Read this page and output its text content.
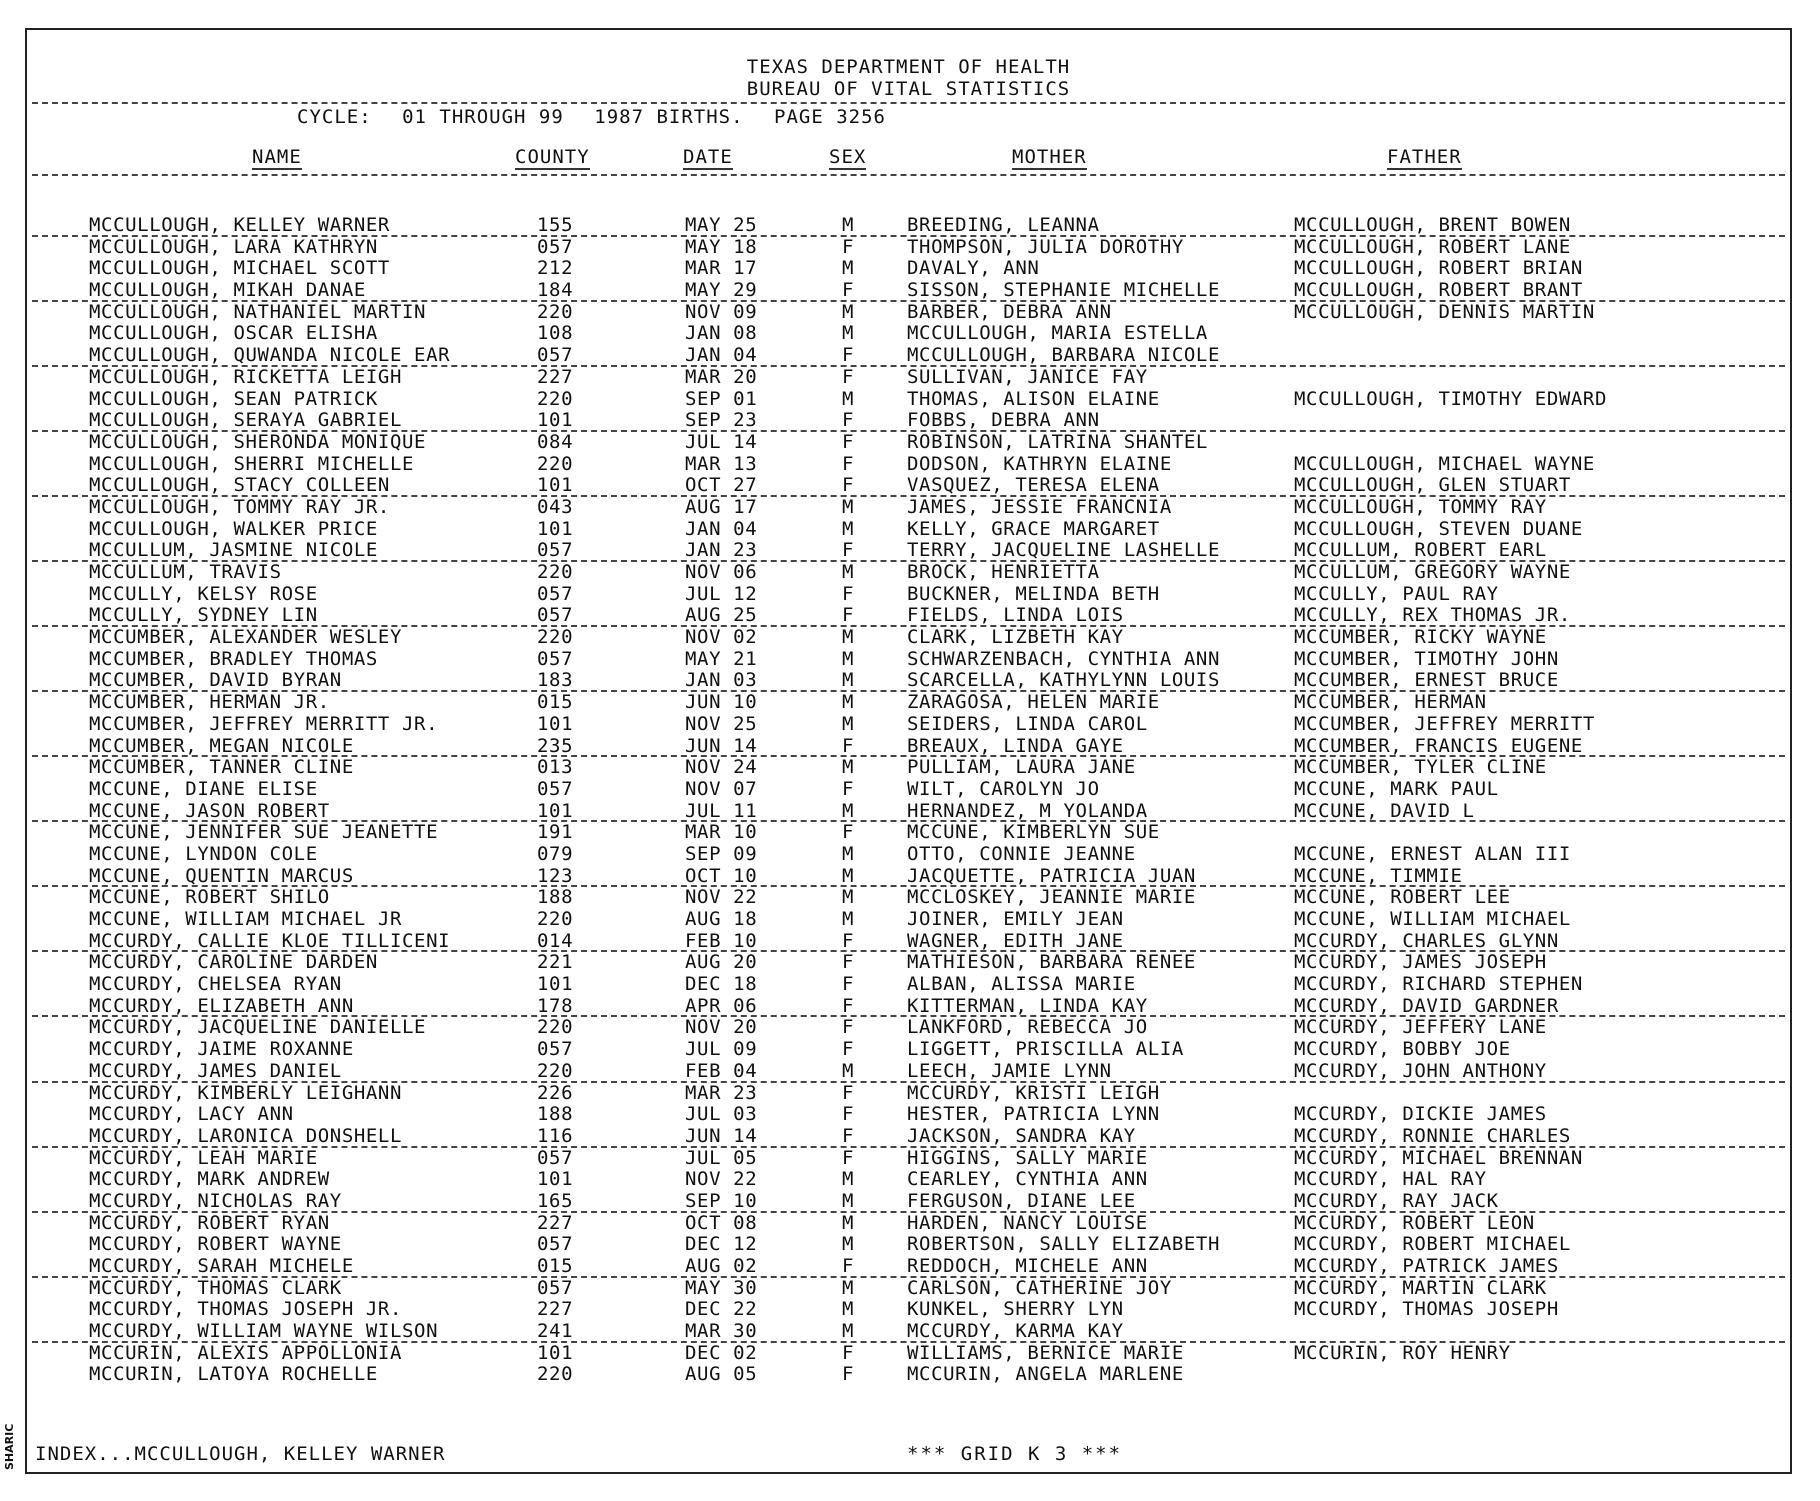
TEXAS DEPARTMENT OF HEALTH
BUREAU OF VITAL STATISTICS
CYCLE: 01 THROUGH 99 1987 BIRTHS. PAGE 3256
NAME	COUNTY	DATE	SEX	MOTHER	FATHER
MCCULLOUGH, KELLEY WARNER	155	MAY 25	M	BREEDING, LEANNA	MCCULLOUGH, BRENT BOWEN
MCCULLOUGH, LARA KATHRYN	057	MAY 18	F	THOMPSON, JULIA DOROTHY	MCCULLOUGH, ROBERT LANE
MCCULLOUGH, MICHAEL SCOTT	212	MAR 17	M	DAVALY, ANN	MCCULLOUGH, ROBERT BRIAN
MCCULLOUGH, MIKAH DANAE	184	MAY 29	F	SISSON, STEPHANIE MICHELLE	MCCULLOUGH, ROBERT BRANT
MCCULLOUGH, NATHANIEL MARTIN	220	NOV 09	M	BARBER, DEBRA ANN	MCCULLOUGH, DENNIS MARTIN
MCCULLOUGH, OSCAR ELISHA	108	JAN 08	M	MCCULLOUGH, MARIA ESTELLA
MCCULLOUGH, QUWANDA NICOLE EAR	057	JAN 04	F	MCCULLOUGH, BARBARA NICOLE
MCCULLOUGH, RICKETTA LEIGH	227	MAR 20	F	SULLIVAN, JANICE FAY
MCCULLOUGH, SEAN PATRICK	220	SEP 01	M	THOMAS, ALISON ELAINE	MCCULLOUGH, TIMOTHY EDWARD
MCCULLOUGH, SERAYA GABRIEL	101	SEP 23	F	FOBBS, DEBRA ANN
MCCULLOUGH, SHERONDA MONIQUE	084	JUL 14	F	ROBINSON, LATRINA SHANTEL
MCCULLOUGH, SHERRI MICHELLE	220	MAR 13	F	DODSON, KATHRYN ELAINE	MCCULLOUGH, MICHAEL WAYNE
MCCULLOUGH, STACY COLLEEN	101	OCT 27	F	VASQUEZ, TERESA ELENA	MCCULLOUGH, GLEN STUART
MCCULLOUGH, TOMMY RAY JR.	043	AUG 17	M	JAMES, JESSIE FRANCNIA	MCCULLOUGH, TOMMY RAY
MCCULLOUGH, WALKER PRICE	101	JAN 04	M	KELLY, GRACE MARGARET	MCCULLOUGH, STEVEN DUANE
MCCULLUM, JASMINE NICOLE	057	JAN 23	F	TERRY, JACQUELINE LASHELLE	MCCULLUM, ROBERT EARL
MCCULLUM, TRAVIS	220	NOV 06	M	BROCK, HENRIETTA	MCCULLUM, GREGORY WAYNE
MCCULLY, KELSY ROSE	057	JUL 12	F	BUCKNER, MELINDA BETH	MCCULLY, PAUL RAY
MCCULLY, SYDNEY LIN	057	AUG 25	F	FIELDS, LINDA LOIS	MCCULLY, REX THOMAS JR.
MCCUMBER, ALEXANDER WESLEY	220	NOV 02	M	CLARK, LIZBETH KAY	MCCUMBER, RICKY WAYNE
MCCUMBER, BRADLEY THOMAS	057	MAY 21	M	SCHWARZENBACH, CYNTHIA ANN	MCCUMBER, TIMOTHY JOHN
MCCUMBER, DAVID BYRAN	183	JAN 03	M	SCARCELLA, KATHYLYNN LOUIS	MCCUMBER, ERNEST BRUCE
MCCUMBER, HERMAN JR.	015	JUN 10	M	ZARAGOSA, HELEN MARIE	MCCUMBER, HERMAN
MCCUMBER, JEFFREY MERRITT JR.	101	NOV 25	M	SEIDERS, LINDA CAROL	MCCUMBER, JEFFREY MERRITT
MCCUMBER, MEGAN NICOLE	235	JUN 14	F	BREAUX, LINDA GAYE	MCCUMBER, FRANCIS EUGENE
MCCUMBER, TANNER CLINE	013	NOV 24	M	PULLIAM, LAURA JANE	MCCUMBER, TYLER CLINE
MCCUNE, DIANE ELISE	057	NOV 07	F	WILT, CAROLYN JO	MCCUNE, MARK PAUL
MCCUNE, JASON ROBERT	101	JUL 11	M	HERNANDEZ, M YOLANDA	MCCUNE, DAVID L
MCCUNE, JENNIFER SUE JEANETTE	191	MAR 10	F	MCCUNE, KIMBERLYN SUE
MCCUNE, LYNDON COLE	079	SEP 09	M	OTTO, CONNIE JEANNE	MCCUNE, ERNEST ALAN III
MCCUNE, QUENTIN MARCUS	123	OCT 10	M	JACQUETTE, PATRICIA JUAN	MCCUNE, TIMMIE
MCCUNE, ROBERT SHILO	188	NOV 22	M	MCCLOSKEY, JEANNIE MARIE	MCCUNE, ROBERT LEE
MCCUNE, WILLIAM MICHAEL JR	220	AUG 18	M	JOINER, EMILY JEAN	MCCUNE, WILLIAM MICHAEL
MCCURDY, CALLIE KLOE TILLICENI	014	FEB 10	F	WAGNER, EDITH JANE	MCCURDY, CHARLES GLYNN
MCCURDY, CAROLINE DARDEN	221	AUG 20	F	MATHIESON, BARBARA RENEE	MCCURDY, JAMES JOSEPH
MCCURDY, CHELSEA RYAN	101	DEC 18	F	ALBAN, ALISSA MARIE	MCCURDY, RICHARD STEPHEN
MCCURDY, ELIZABETH ANN	178	APR 06	F	KITTERMAN, LINDA KAY	MCCURDY, DAVID GARDNER
MCCURDY, JACQUELINE DANIELLE	220	NOV 20	F	LANKFORD, REBECCA JO	MCCURDY, JEFFERY LANE
MCCURDY, JAIME ROXANNE	057	JUL 09	F	LIGGETT, PRISCILLA ALIA	MCCURDY, BOBBY JOE
MCCURDY, JAMES DANIEL	220	FEB 04	M	LEECH, JAMIE LYNN	MCCURDY, JOHN ANTHONY
MCCURDY, KIMBERLY LEIGHANN	226	MAR 23	F	MCCURDY, KRISTI LEIGH
MCCURDY, LACY ANN	188	JUL 03	F	HESTER, PATRICIA LYNN	MCCURDY, DICKIE JAMES
MCCURDY, LARONICA DONSHELL	116	JUN 14	F	JACKSON, SANDRA KAY	MCCURDY, RONNIE CHARLES
MCCURDY, LEAH MARIE	057	JUL 05	F	HIGGINS, SALLY MARIE	MCCURDY, MICHAEL BRENNAN
MCCURDY, MARK ANDREW	101	NOV 22	M	CEARLEY, CYNTHIA ANN	MCCURDY, HAL RAY
MCCURDY, NICHOLAS RAY	165	SEP 10	M	FERGUSON, DIANE LEE	MCCURDY, RAY JACK
MCCURDY, ROBERT RYAN	227	OCT 08	M	HARDEN, NANCY LOUISE	MCCURDY, ROBERT LEON
MCCURDY, ROBERT WAYNE	057	DEC 12	M	ROBERTSON, SALLY ELIZABETH	MCCURDY, ROBERT MICHAEL
MCCURDY, SARAH MICHELE	015	AUG 02	F	REDDOCH, MICHELE ANN	MCCURDY, PATRICK JAMES
MCCURDY, THOMAS CLARK	057	MAY 30	M	CARLSON, CATHERINE JOY	MCCURDY, MARTIN CLARK
MCCURDY, THOMAS JOSEPH JR.	227	DEC 22	M	KUNKEL, SHERRY LYN	MCCURDY, THOMAS JOSEPH
MCCURDY, WILLIAM WAYNE WILSON	241	MAR 30	M	MCCURDY, KARMA KAY
MCCURIN, ALEXIS APPOLLONIA	101	DEC 02	F	WILLIAMS, BERNICE MARIE	MCCURIN, ROY HENRY
MCCURIN, LATOYA ROCHELLE	220	AUG 05	F	MCCURIN, ANGELA MARLENE
INDEX...MCCULLOUGH, KELLEY WARNER	*** GRID K 3 ***
SHARIC
